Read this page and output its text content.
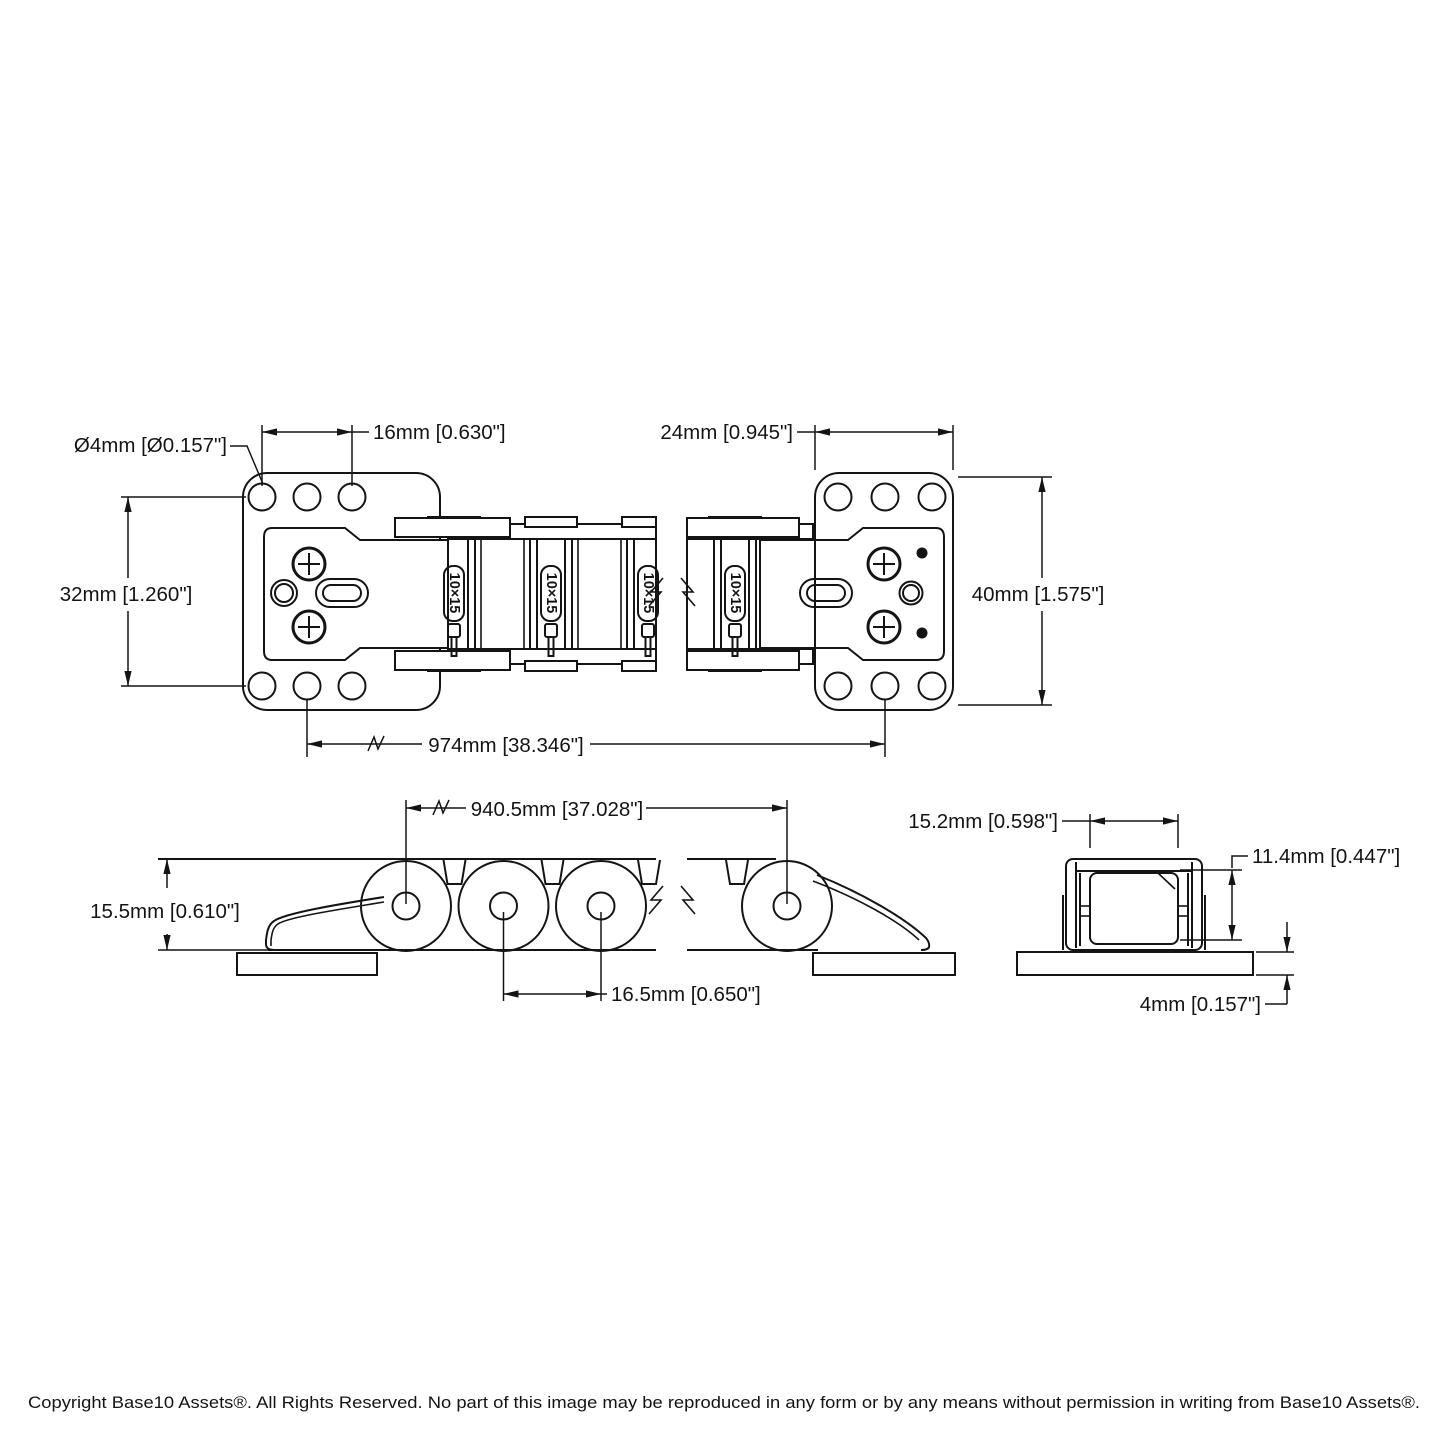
10×15	10×15	10×15	10×15
Ø4mm [Ø0.157"]
16mm [0.630"]	24mm [0.945"]
32mm [1.260"]	40mm [1.575"]
974mm [38.346"]
940.5mm [37.028"]
15.5mm [0.610"]
16.5mm [0.650"]
15.2mm [0.598"]
11.4mm [0.447"]
4mm [0.157"]
Copyright Base10 Assets®. All Rights Reserved. No part of this image may be reproduced in any form or by any means without permission in writing from Base10 Assets®.
